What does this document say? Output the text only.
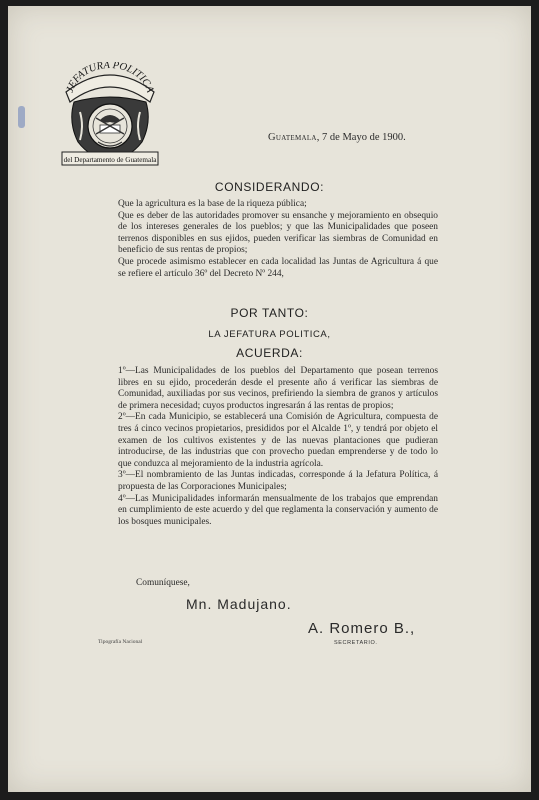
JEFATURA POLITICA
del Departamento de Guatemala
Guatemala, 7 de Mayo de 1900.
CONSIDERANDO:

Que la agricultura es la base de la riqueza pública;

Que es deber de las autoridades promover su ensanche y mejoramiento en obsequio de los intereses generales de los pueblos; y que las Municipalidades que poseen terrenos disponibles en sus ejidos, pueden verificar las siembras de Comunidad en beneficio de sus rentas de propios;

Que procede asimismo establecer en cada localidad las Juntas de Agricultura á que se refiere el artículo 36º del Decreto Nº 244,

POR TANTO:
LA JEFATURA POLITICA,
ACUERDA:

1º—Las Municipalidades de los pueblos del Departamento que posean terrenos libres en su ejido, procederán desde el presente año á verificar las siembras de Comunidad, auxiliadas por sus vecinos, prefiriendo la siembra de granos y artículos de primera necesidad; cuyos productos ingresarán á las rentas de propios;

2º—En cada Municipio, se establecerá una Comisión de Agricultura, compuesta de tres á cinco vecinos propietarios, presididos por el Alcalde 1º, y tendrá por objeto el examen de los cultivos existentes y de las nuevas plantaciones que pudieran introducirse, de las industrias que con provecho puedan emprenderse y de todo lo que conduzca al mejoramiento de la industria agrícola.

3º—El nombramiento de las Juntas indicadas, corresponde á la Jefatura Política, á propuesta de las Corporaciones Municipales;

4º—Las Municipalidades informarán mensualmente de los trabajos que emprendan en cumplimiento de este acuerdo y del que reglamenta la conservación y aumento de los bosques municipales.

Comuníquese,
Mn. Madujano.
Tipografía Nacional
A. Romero B.,
SECRETARIO.
